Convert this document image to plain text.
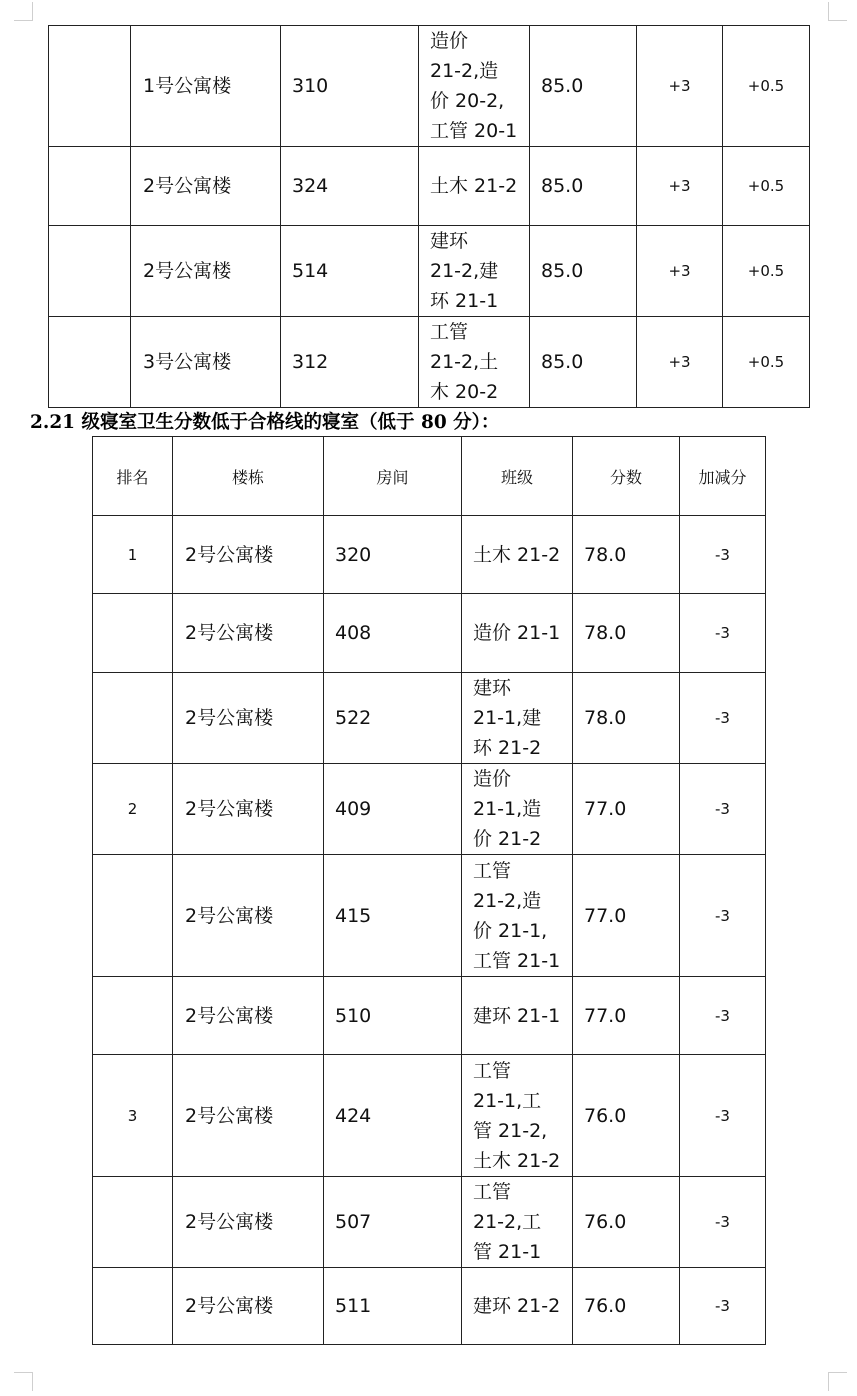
	1号公寓楼	310	造价
21-2,造
价 20-2,
工管 20-1	85.0	+3	+0.5
	2号公寓楼	324	土木 21-2	85.0	+3	+0.5
	2号公寓楼	514	建环
21-2,建
环 21-1	85.0	+3	+0.5
	3号公寓楼	312	工管
21-2,土
木 20-2	85.0	+3	+0.5
2.21 级寝室卫生分数低于合格线的寝室（低于 80 分）：
排名	楼栋	房间	班级	分数	加减分
1	2号公寓楼	320	土木 21-2	78.0	-3
	2号公寓楼	408	造价 21-1	78.0	-3
	2号公寓楼	522	建环
21-1,建
环 21-2	78.0	-3
2	2号公寓楼	409	造价
21-1,造
价 21-2	77.0	-3
	2号公寓楼	415	工管
21-2,造
价 21-1,
工管 21-1	77.0	-3
	2号公寓楼	510	建环 21-1	77.0	-3
3	2号公寓楼	424	工管
21-1,工
管 21-2,
土木 21-2	76.0	-3
	2号公寓楼	507	工管
21-2,工
管 21-1	76.0	-3
	2号公寓楼	511	建环 21-2	76.0	-3
